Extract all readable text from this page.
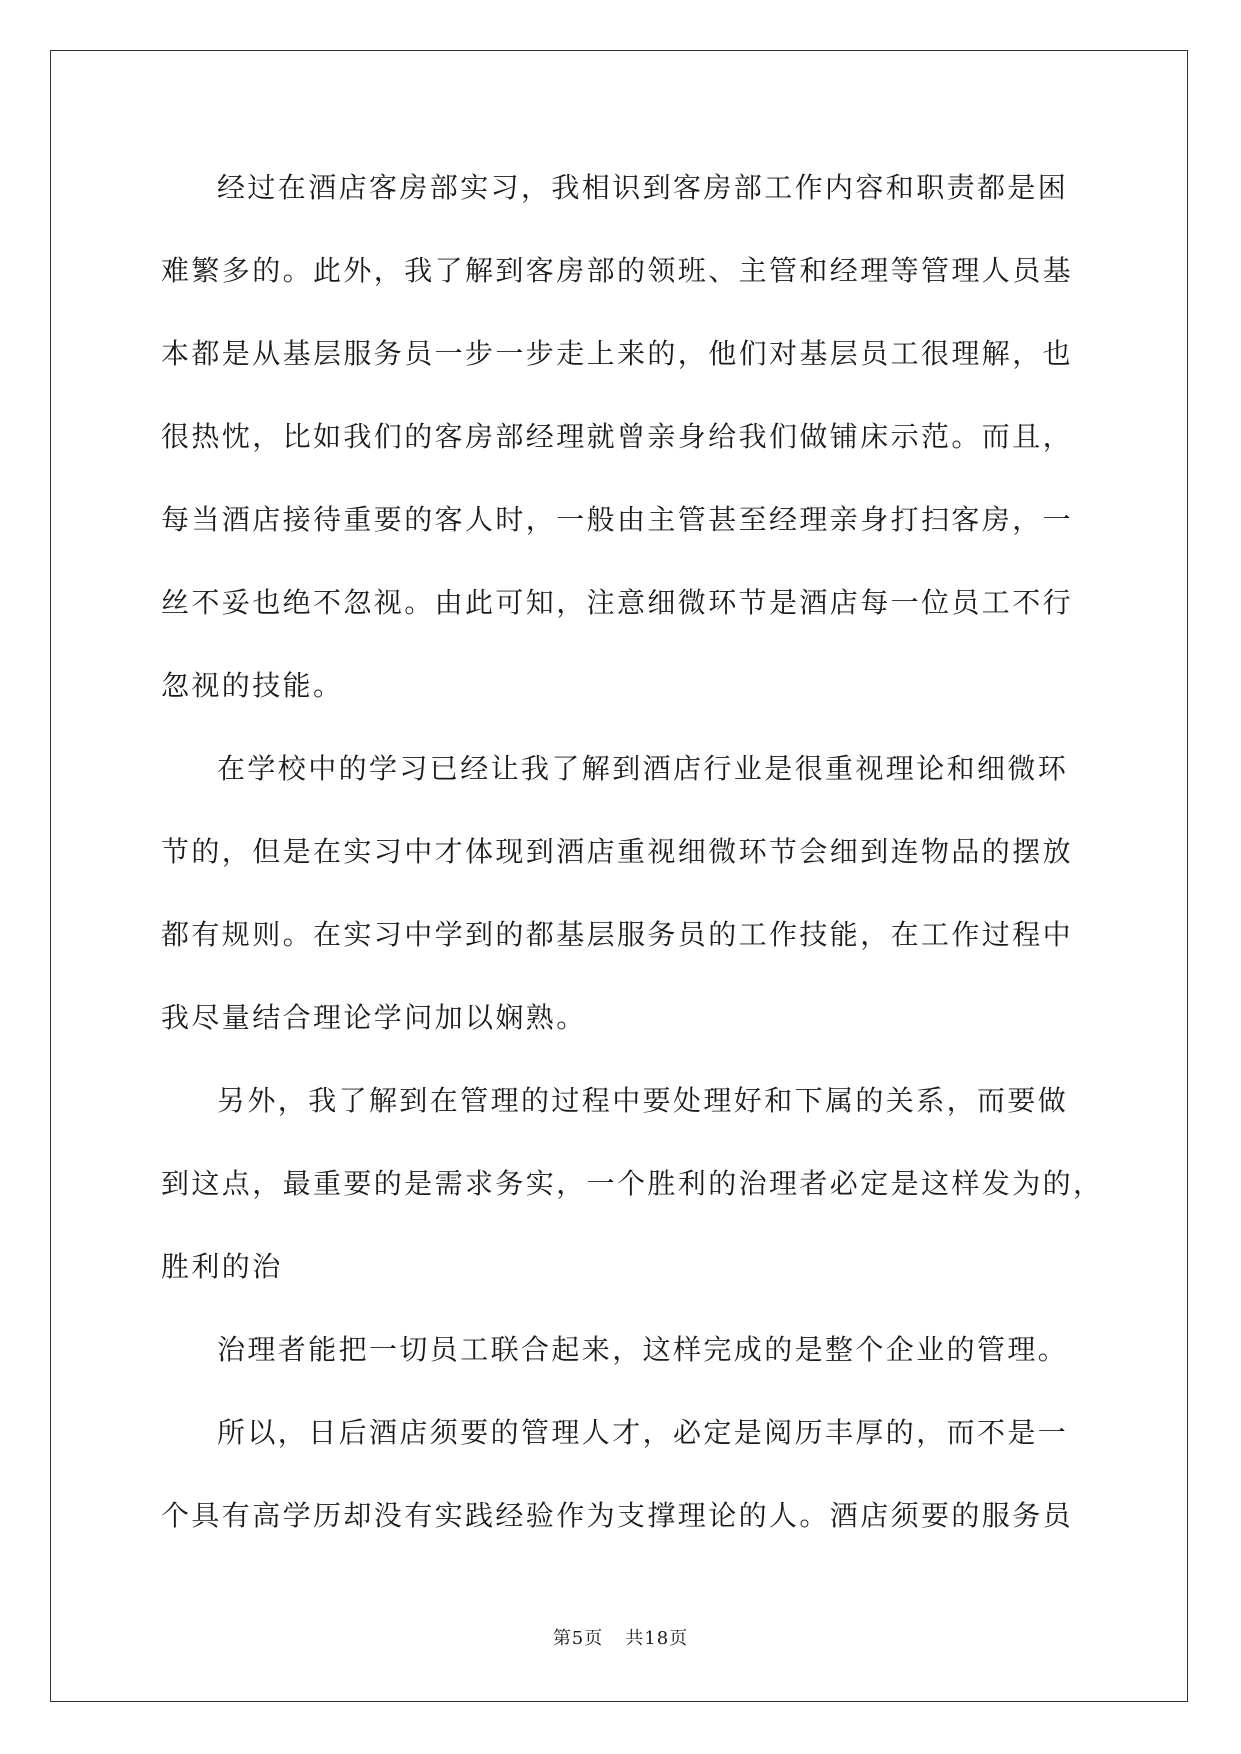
经过在酒店客房部实习，我相识到客房部工作内容和职责都是困
难繁多的。此外，我了解到客房部的领班、主管和经理等管理人员基
本都是从基层服务员一步一步走上来的，他们对基层员工很理解，也
很热忱，比如我们的客房部经理就曾亲身给我们做铺床示范。而且，
每当酒店接待重要的客人时，一般由主管甚至经理亲身打扫客房，一
丝不妥也绝不忽视。由此可知，注意细微环节是酒店每一位员工不行
忽视的技能。
在学校中的学习已经让我了解到酒店行业是很重视理论和细微环
节的，但是在实习中才体现到酒店重视细微环节会细到连物品的摆放
都有规则。在实习中学到的都基层服务员的工作技能，在工作过程中
我尽量结合理论学问加以娴熟。
另外，我了解到在管理的过程中要处理好和下属的关系，而要做
到这点，最重要的是需求务实，一个胜利的治理者必定是这样发为的，
胜利的治
治理者能把一切员工联合起来，这样完成的是整个企业的管理。
所以，日后酒店须要的管理人才，必定是阅历丰厚的，而不是一
个具有高学历却没有实践经验作为支撑理论的人。酒店须要的服务员
第5页 共18页
